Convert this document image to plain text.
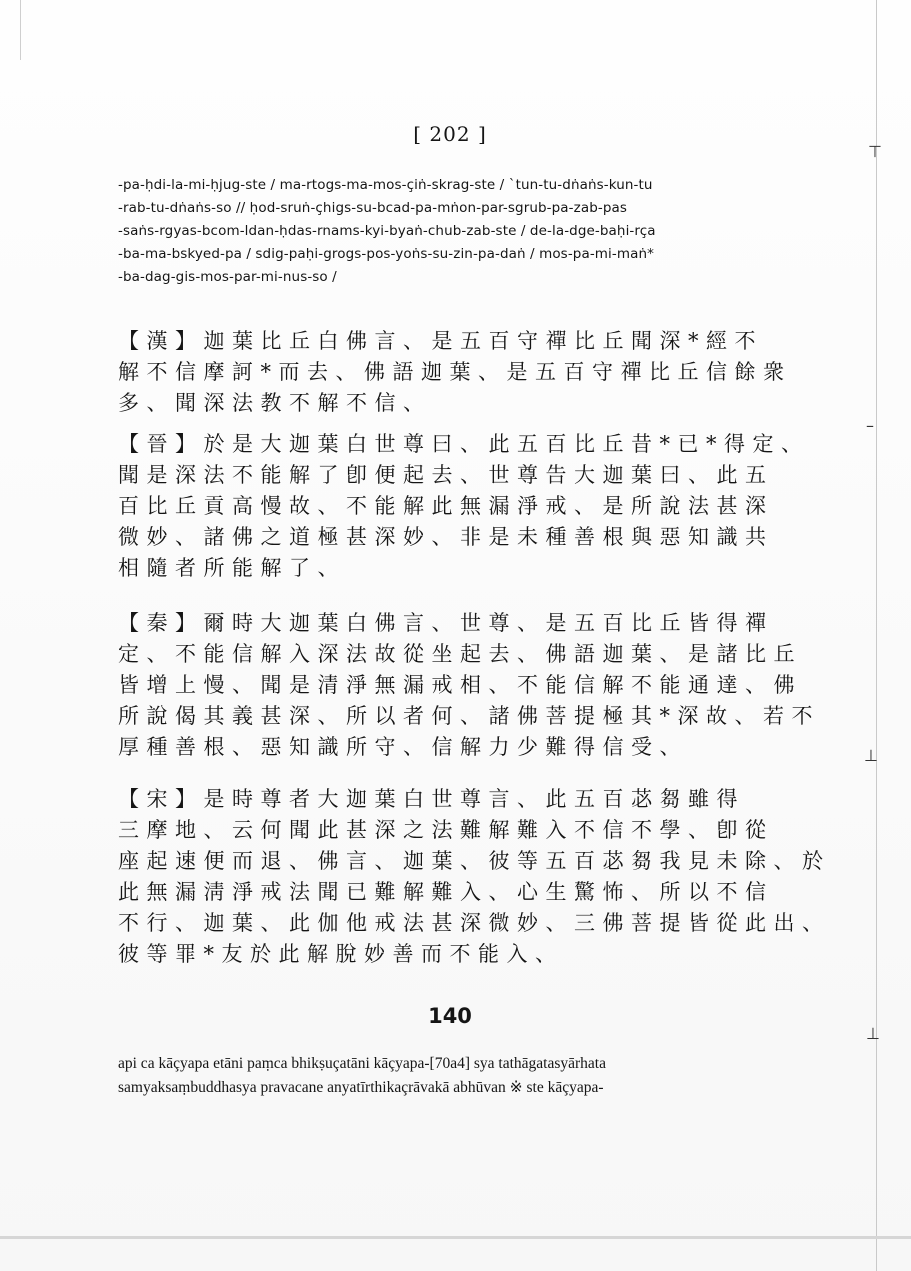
⊤
–
⊥
⊥
[ 202 ]
-pa-ḥdi-la-mi-ḥjug-ste / ma-rtogs-ma-mos-çiṅ-skrag-ste / ˋtun-tu-dṅaṅs-kun-tu
-rab-tu-dṅaṅs-so // ḥod-sruṅ-çhigs-su-bcad-pa-mṅon-par-sgrub-pa-zab-pas
-saṅs-rgyas-bcom-ldan-ḥdas-rnams-kyi-byaṅ-chub-zab-ste / de-la-dge-baḥi-rça
-ba-ma-bskyed-pa / sdig-paḥi-grogs-pos-yoṅs-su-zin-pa-daṅ / mos-pa-mi-maṅ*
-ba-dag-gis-mos-par-mi-nus-so /
【漢】迦葉比丘白佛言、是五百守禪比丘聞深*經不
解不信摩訶*而去、佛語迦葉、是五百守禪比丘信餘衆
多、聞深法教不解不信、
【晉】於是大迦葉白世尊曰、此五百比丘昔*已*得定、
聞是深法不能解了卽便起去、世尊告大迦葉曰、此五
百比丘貢高慢故、不能解此無漏淨戒、是所說法甚深
微妙、諸佛之道極甚深妙、非是未種善根與惡知識共
相隨者所能解了、
【秦】爾時大迦葉白佛言、世尊、是五百比丘皆得禪
定、不能信解入深法故從坐起去、佛語迦葉、是諸比丘
皆增上慢、聞是清淨無漏戒相、不能信解不能通達、佛
所說偈其義甚深、所以者何、諸佛菩提極其*深故、若不
厚種善根、惡知識所守、信解力少難得信受、
【宋】是時尊者大迦葉白世尊言、此五百苾芻雖得
三摩地、云何聞此甚深之法難解難入不信不學、卽從
座起速便而退、佛言、迦葉、彼等五百苾芻我見未除、於
此無漏淸淨戒法聞已難解難入、心生驚怖、所以不信
不行、迦葉、此伽他戒法甚深微妙、三佛菩提皆從此出、
彼等罪*友於此解脫妙善而不能入、
140
api ca kāçyapa etāni paṃca bhikṣuçatāni kāçyapa-[70a4] sya tathāgatasyārhata
samyaksaṃbuddhasya pravacane anyatīrthikaçrāvakā abhūvan ※ ste kāçyapa-
